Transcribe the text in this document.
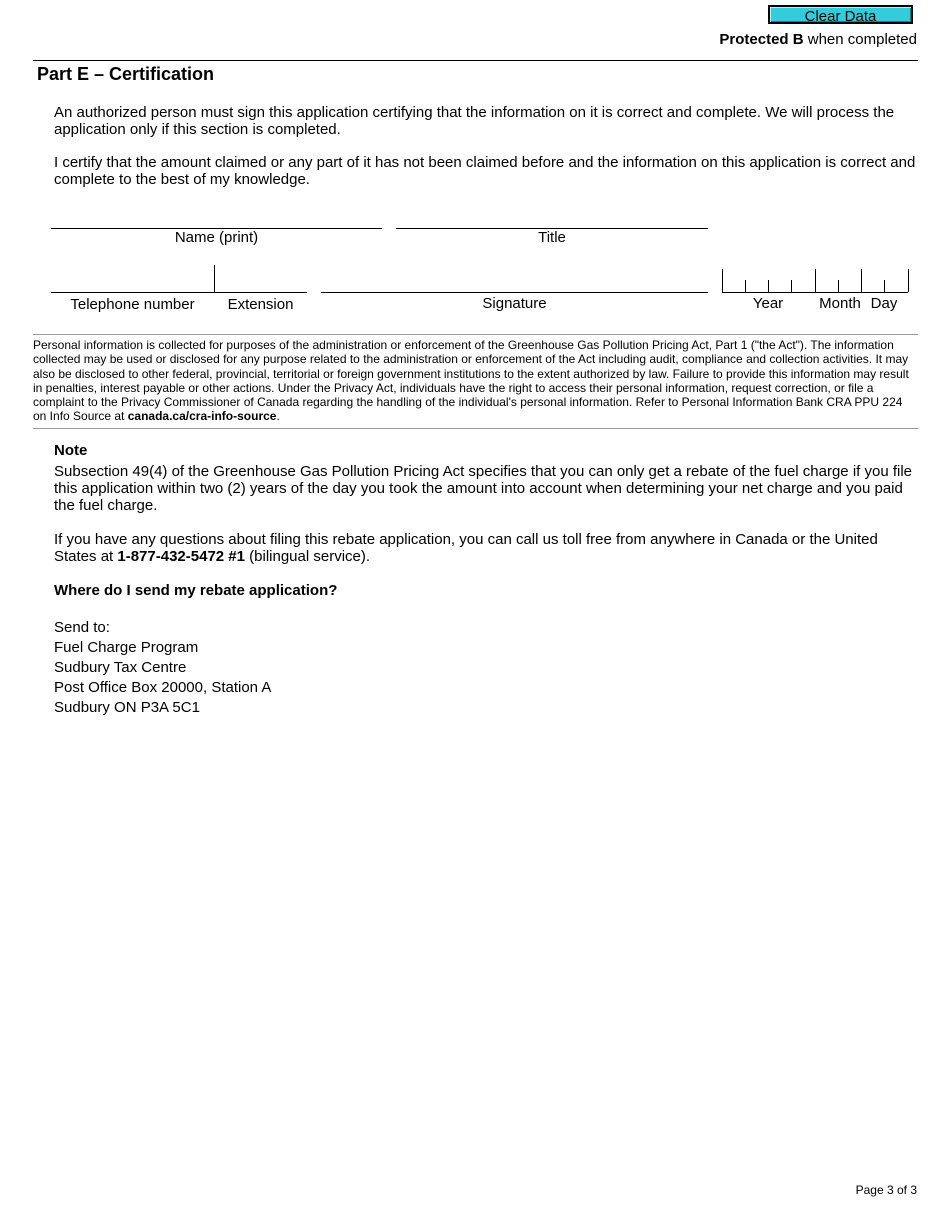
Clear Data
Protected B when completed
Part E – Certification
An authorized person must sign this application certifying that the information on it is correct and complete. We will process the application only if this section is completed.
I certify that the amount claimed or any part of it has not been claimed before and the information on this application is correct and complete to the best of my knowledge.
Name (print)	Title
Telephone number	Extension	Signature	Year	Month Day
Personal information is collected for purposes of the administration or enforcement of the Greenhouse Gas Pollution Pricing Act, Part 1 ("the Act"). The information collected may be used or disclosed for any purpose related to the administration or enforcement of the Act including audit, compliance and collection activities. It may also be disclosed to other federal, provincial, territorial or foreign government institutions to the extent authorized by law. Failure to provide this information may result in penalties, interest payable or other actions. Under the Privacy Act, individuals have the right to access their personal information, request correction, or file a complaint to the Privacy Commissioner of Canada regarding the handling of the individual's personal information. Refer to Personal Information Bank CRA PPU 224 on Info Source at canada.ca/cra-info-source.
Note
Subsection 49(4) of the Greenhouse Gas Pollution Pricing Act specifies that you can only get a rebate of the fuel charge if you file this application within two (2) years of the day you took the amount into account when determining your net charge and you paid the fuel charge.
If you have any questions about filing this rebate application, you can call us toll free from anywhere in Canada or the United States at 1-877-432-5472 #1 (bilingual service).
Where do I send my rebate application?
Send to:
Fuel Charge Program
Sudbury Tax Centre
Post Office Box 20000, Station A
Sudbury ON P3A 5C1
Page 3 of 3
